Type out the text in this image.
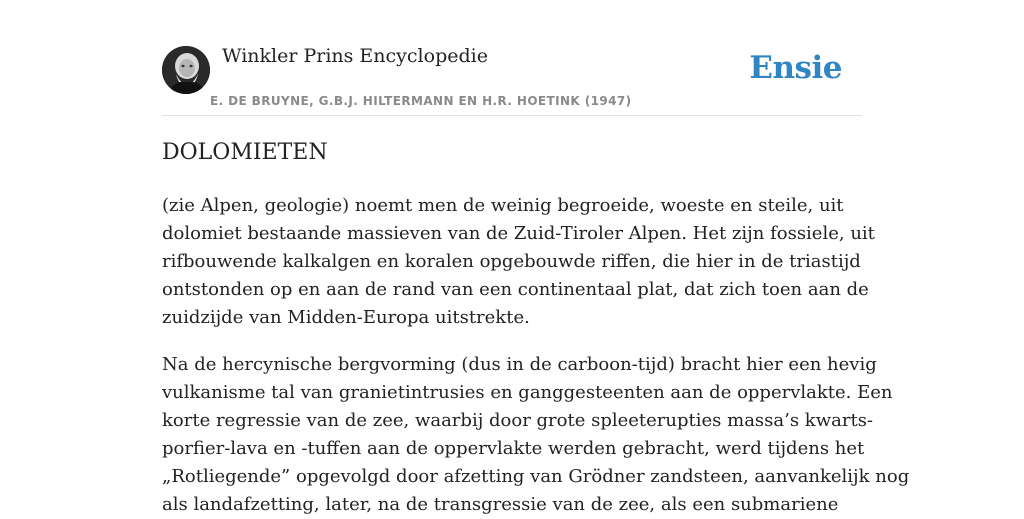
Winkler Prins Encyclopedie
E. DE BRUYNE, G.B.J. HILTERMANN EN H.R. HOETINK (1947)
Ensie
DOLOMIETEN

(zie Alpen, geologie) noemt men de weinig begroeide, woeste en steile, uit
dolomiet bestaande massieven van de Zuid-Tiroler Alpen. Het zijn fossiele, uit
rifbouwende kalkalgen en koralen opgebouwde riffen, die hier in de triastijd
ontstonden op en aan de rand van een continentaal plat, dat zich toen aan de
zuidzijde van Midden-Europa uitstrekte.

Na de hercynische bergvorming (dus in de carboon-tijd) bracht hier een hevig
vulkanisme tal van granietintrusies en ganggesteenten aan de oppervlakte. Een
korte regressie van de zee, waarbij door grote spleeterupties massa’s kwarts-
porfier-lava en -tuffen aan de oppervlakte werden gebracht, werd tijdens het
„Rotliegende” opgevolgd door afzetting van Grödner zandsteen, aanvankelijk nog
als landafzetting, later, na de transgressie van de zee, als een submariene
